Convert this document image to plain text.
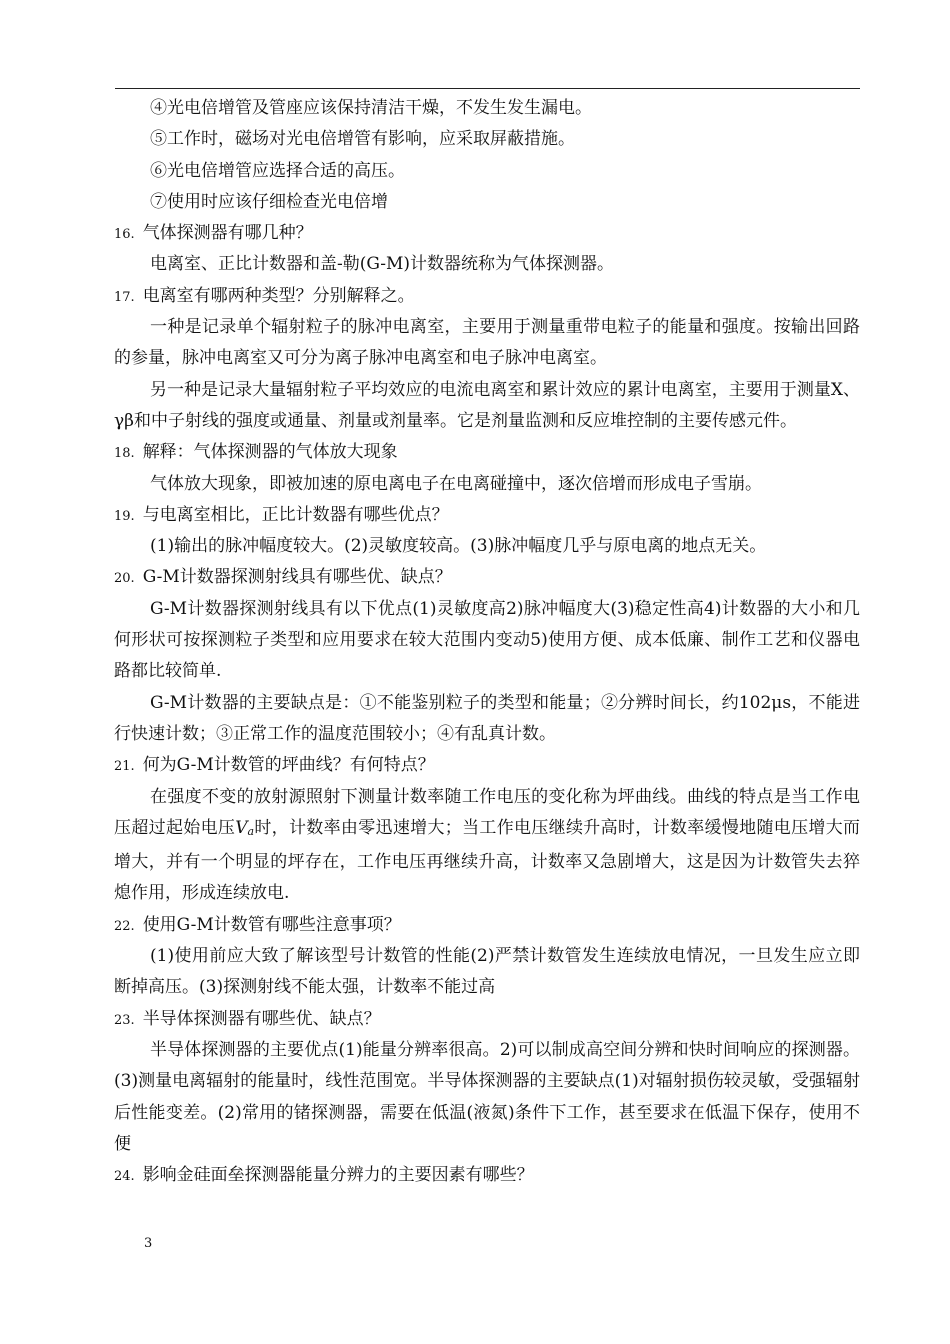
④光电倍增管及管座应该保持清洁干燥，不发生发生漏电。
⑤工作时，磁场对光电倍增管有影响，应采取屏蔽措施。
⑥光电倍增管应选择合适的高压。
⑦使用时应该仔细检查光电倍增
16. 气体探测器有哪几种？
电离室、正比计数器和盖-勒(G-M)计数器统称为气体探测器。
17. 电离室有哪两种类型？分别解释之。
一种是记录单个辐射粒子的脉冲电离室，主要用于测量重带电粒子的能量和强度。按输出回路的参量，脉冲电离室又可分为离子脉冲电离室和电子脉冲电离室。
另一种是记录大量辐射粒子平均效应的电流电离室和累计效应的累计电离室，主要用于测量X、γβ和中子射线的强度或通量、剂量或剂量率。它是剂量监测和反应堆控制的主要传感元件。
18. 解释：气体探测器的气体放大现象
气体放大现象，即被加速的原电离电子在电离碰撞中，逐次倍增而形成电子雪崩。
19. 与电离室相比，正比计数器有哪些优点？
(1)输出的脉冲幅度较大。(2)灵敏度较高。(3)脉冲幅度几乎与原电离的地点无关。
20. G-M计数器探测射线具有哪些优、缺点？
G-M计数器探测射线具有以下优点(1)灵敏度高2)脉冲幅度大(3)稳定性高4)计数器的大小和几何形状可按探测粒子类型和应用要求在较大范围内变动5)使用方便、成本低廉、制作工艺和仪器电路都比较简单.
G-M计数器的主要缺点是：①不能鉴别粒子的类型和能量；②分辨时间长，约102μs，不能进行快速计数；③正常工作的温度范围较小；④有乱真计数。
21. 何为G-M计数管的坪曲线？有何特点？
在强度不变的放射源照射下测量计数率随工作电压的变化称为坪曲线。曲线的特点是当工作电压超过起始电压Va时，计数率由零迅速增大；当工作电压继续升高时，计数率缓慢地随电压增大而增大，并有一个明显的坪存在，工作电压再继续升高，计数率又急剧增大，这是因为计数管失去猝熄作用，形成连续放电.
22. 使用G-M计数管有哪些注意事项？
(1)使用前应大致了解该型号计数管的性能(2)严禁计数管发生连续放电情况，一旦发生应立即断掉高压。(3)探测射线不能太强，计数率不能过高
23. 半导体探测器有哪些优、缺点？
半导体探测器的主要优点(1)能量分辨率很高。2)可以制成高空间分辨和快时间响应的探测器。(3)测量电离辐射的能量时，线性范围宽。半导体探测器的主要缺点(1)对辐射损伤较灵敏，受强辐射后性能变差。(2)常用的锗探测器，需要在低温(液氮)条件下工作，甚至要求在低温下保存，使用不便
24. 影响金硅面垒探测器能量分辨力的主要因素有哪些？
3
